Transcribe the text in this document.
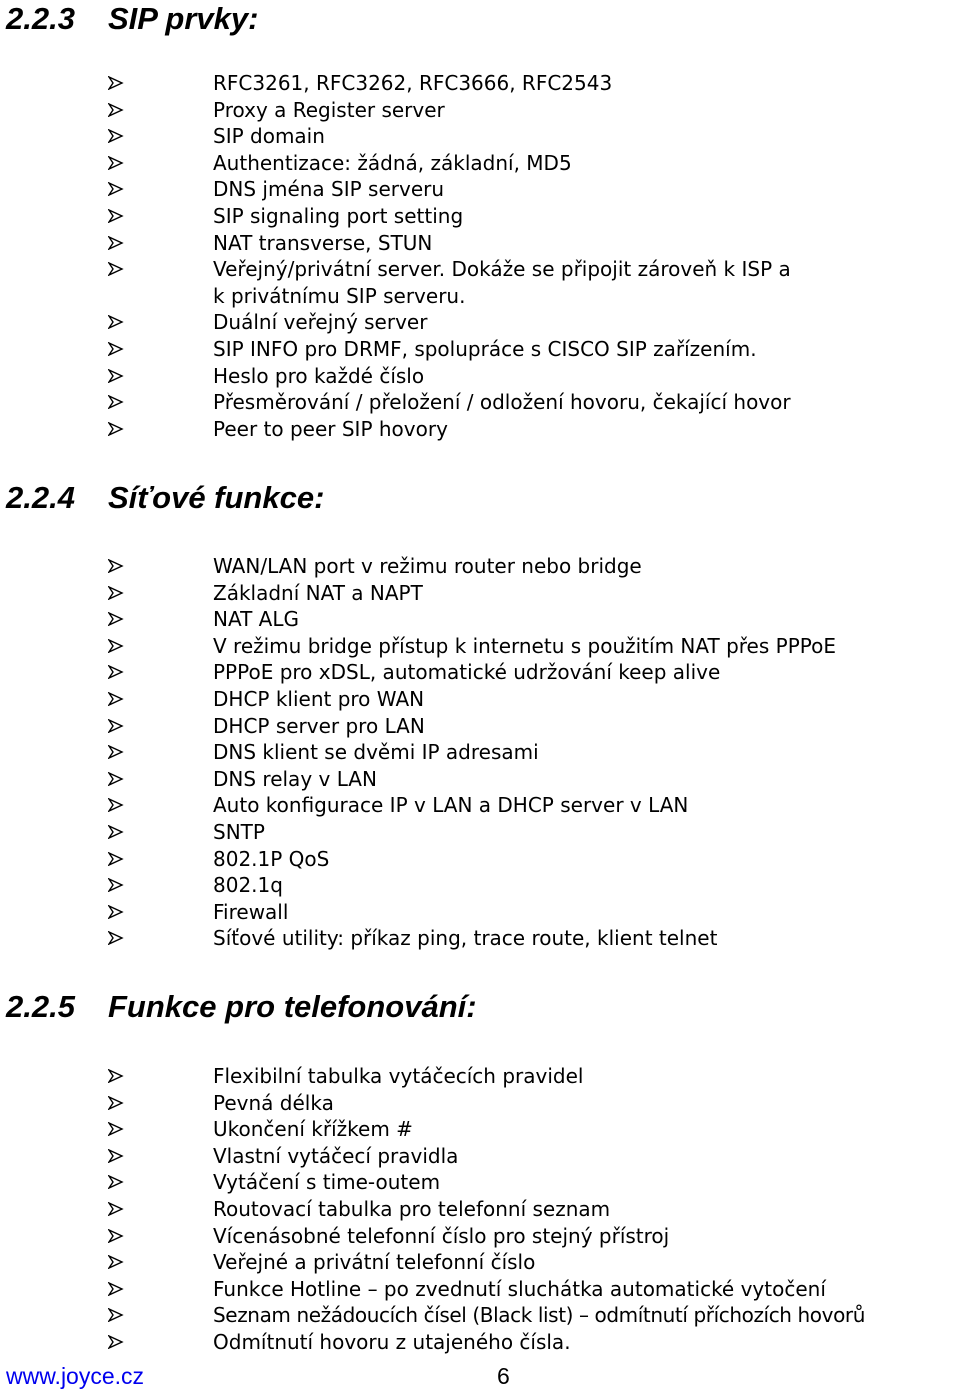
2.2.3 SIP prvky:
RFC3261, RFC3262, RFC3666, RFC2543
Proxy a Register server
SIP domain
Authentizace: žádná, základní, MD5
DNS jména SIP serveru
SIP signaling port setting
NAT transverse, STUN
Veřejný/privátní server. Dokáže se připojit zároveň k ISP a
k privátnímu SIP serveru.
Duální veřejný server
SIP INFO pro DRMF, spolupráce s CISCO SIP zařízením.
Heslo pro každé číslo
Přesměrování / přeložení / odložení hovoru, čekající hovor
Peer to peer SIP hovory
2.2.4 Síťové funkce:
WAN/LAN port v režimu router nebo bridge
Základní NAT a NAPT
NAT ALG
V režimu bridge přístup k internetu s použitím NAT přes PPPoE
PPPoE pro xDSL, automatické udržování keep alive
DHCP klient pro WAN
DHCP server pro LAN
DNS klient se dvěmi IP adresami
DNS relay v LAN
Auto konfigurace IP v LAN a DHCP server v LAN
SNTP
802.1P QoS
802.1q
Firewall
Síťové utility: příkaz ping, trace route, klient telnet
2.2.5 Funkce pro telefonování:
Flexibilní tabulka vytáčecích pravidel
Pevná délka
Ukončení křížkem #
Vlastní vytáčecí pravidla
Vytáčení s time-outem
Routovací tabulka pro telefonní seznam
Vícenásobné telefonní číslo pro stejný přístroj
Veřejné a privátní telefonní číslo
Funkce Hotline – po zvednutí sluchátka automatické vytočení
Seznam nežádoucích čísel (Black list) – odmítnutí příchozích hovorů
Odmítnutí hovoru z utajeného čísla.
www.joyce.cz	6
